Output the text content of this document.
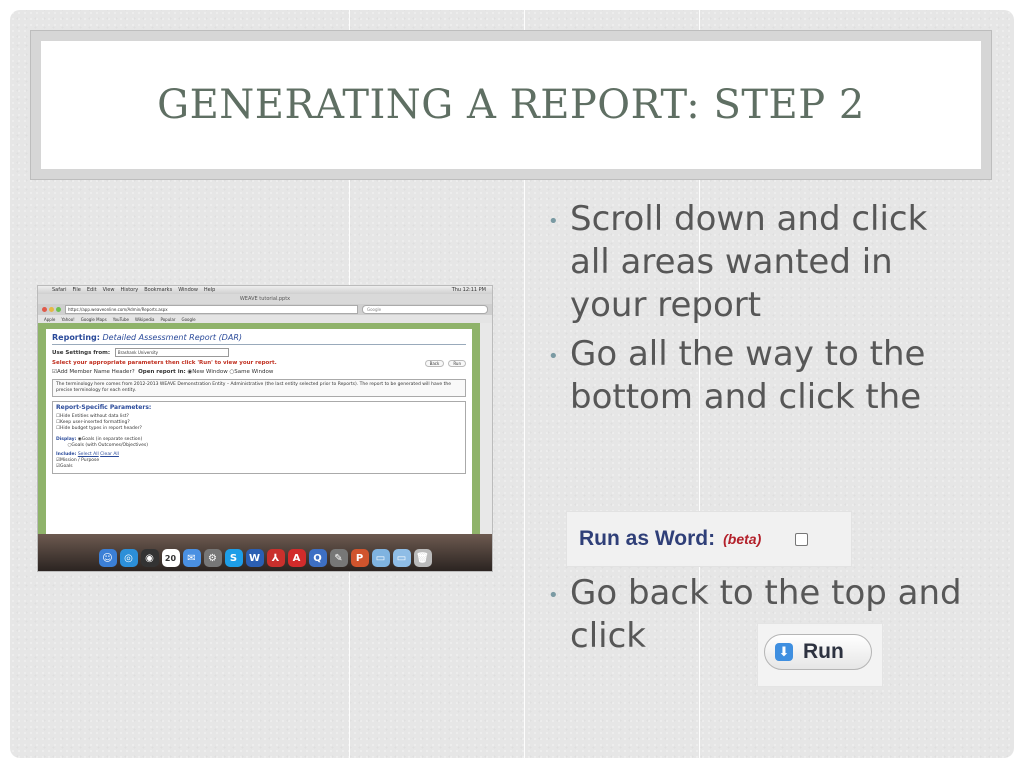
GENERATING A REPORT: STEP 2
Safari File Edit View History Bookmarks Window Help	Thu 12:11 PM
WEAVE tutorial.pptx
https://app.weaveonline.com/Admin/Reports.aspx	Google
Apple Yahoo! Google Maps YouTube Wikipedia Popular Google
Reporting: Detailed Assessment Report (DAR)
Use Settings from: Brashank University
Select your appropriate parameters then click 'Run' to view your report.	Back	Run
☑Add Member Name Header? Open report in: ◉New Window ○Same Window
The terminology here comes from 2012-2013 WEAVE Demonstration Entity – Administrative (the last entity selected prior to Reports). The report to be generated will have the precise terminology for each entity.
Report-Specific Parameters:
☐Hide Entities without data list?
☐Keep user-inserted formatting?
☐Hide budget types in report header?
Display: ◉Goals (in separate section)
○Goals (with Outcomes/Objectives)
Include: Select All Clear All
☑Mission / Purpose
☑Goals
☺	◎	◉	20	✉	⚙	S	W	⅄	A	Q	✎	P	▭	▭ 🗑
• Scroll down and click all areas wanted in your report
• Go all the way to the bottom and click the
Run as Word: (beta)
• Go back to the top and click	⬇ Run
